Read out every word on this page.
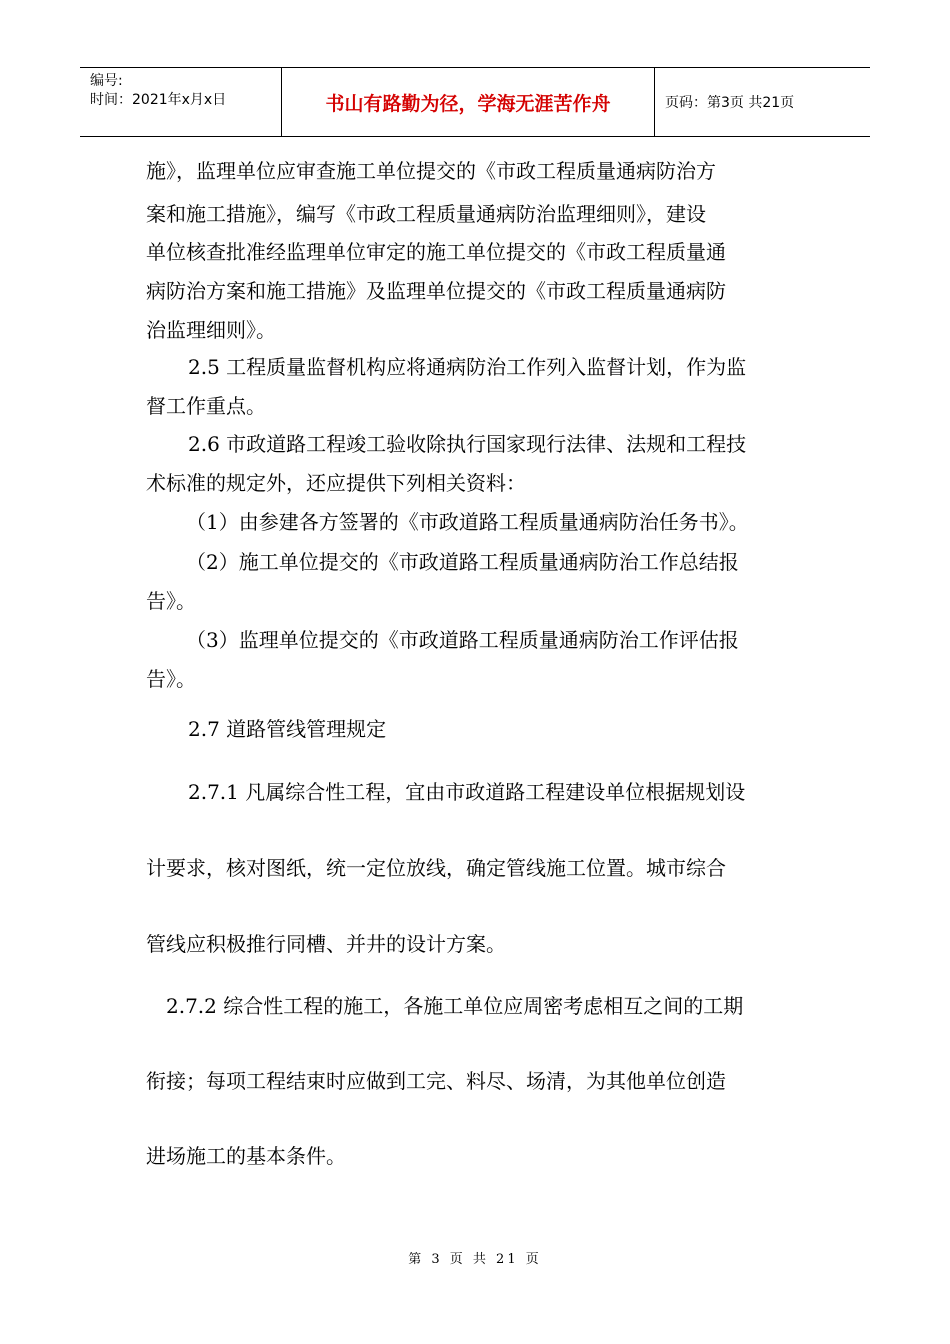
编号:
时间：2021年x月x日	书山有路勤为径，学海无涯苦作舟	页码：第3页 共21页
施》，监理单位应审查施工单位提交的《市政工程质量通病防治方
案和施工措施》，编写《市政工程质量通病防治监理细则》，建设
单位核查批准经监理单位审定的施工单位提交的《市政工程质量通
病防治方案和施工措施》及监理单位提交的《市政工程质量通病防
治监理细则》。
2.5 工程质量监督机构应将通病防治工作列入监督计划，作为监
督工作重点。
2.6 市政道路工程竣工验收除执行国家现行法律、法规和工程技
术标准的规定外，还应提供下列相关资料：
（1）由参建各方签署的《市政道路工程质量通病防治任务书》。
（2）施工单位提交的《市政道路工程质量通病防治工作总结报
告》。
（3）监理单位提交的《市政道路工程质量通病防治工作评估报
告》。
2.7 道路管线管理规定
2.7.1 凡属综合性工程，宜由市政道路工程建设单位根据规划设
计要求，核对图纸，统一定位放线，确定管线施工位置。城市综合
管线应积极推行同槽、并井的设计方案。
2.7.2 综合性工程的施工，各施工单位应周密考虑相互之间的工期
衔接；每项工程结束时应做到工完、料尽、场清，为其他单位创造
进场施工的基本条件。
第 3 页 共 21 页
